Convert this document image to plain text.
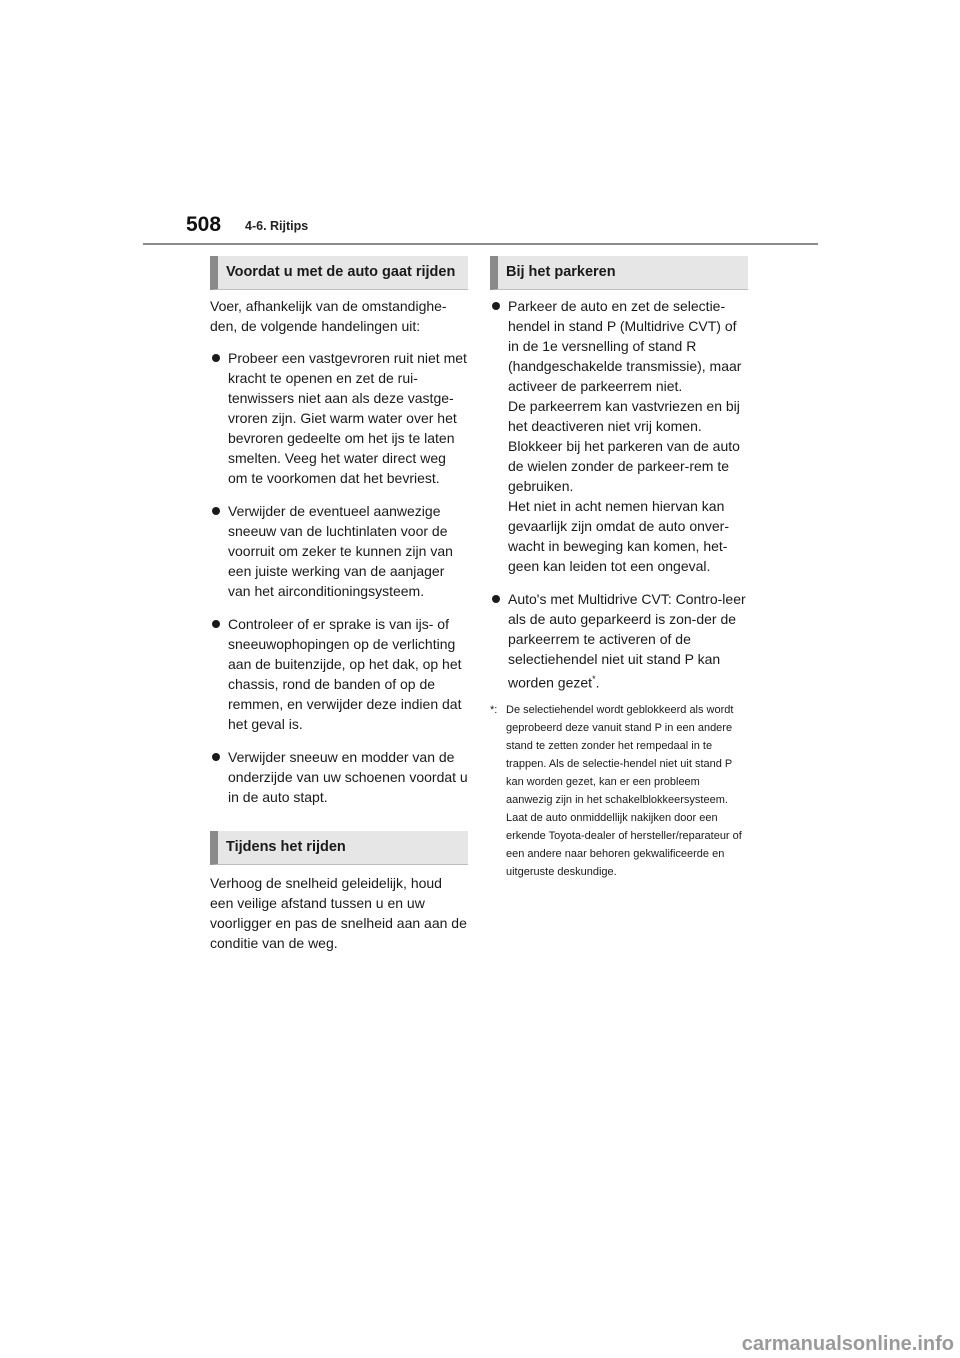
508 4-6. Rijtips
Voordat u met de auto gaat rijden

Voer, afhankelijk van de omstandighe-den, de volgende handelingen uit:

Probeer een vastgevroren ruit niet met kracht te openen en zet de rui-tenwissers niet aan als deze vastge-vroren zijn. Giet warm water over het bevroren gedeelte om het ijs te laten smelten. Veeg het water direct weg om te voorkomen dat het bevriest.
Verwijder de eventueel aanwezige sneeuw van de luchtinlaten voor de voorruit om zeker te kunnen zijn van een juiste werking van de aanjager van het airconditioningsysteem.
Controleer of er sprake is van ijs- of sneeuwophopingen op de verlichting aan de buitenzijde, op het dak, op het chassis, rond de banden of op de remmen, en verwijder deze indien dat het geval is.
Verwijder sneeuw en modder van de onderzijde van uw schoenen voordat u in de auto stapt.
Tijdens het rijden

Verhoog de snelheid geleidelijk, houd een veilige afstand tussen u en uw voorligger en pas de snelheid aan aan de conditie van de weg.

Bij het parkeren
Parkeer de auto en zet de selectie-hendel in stand P (Multidrive CVT) of in de 1e versnelling of stand R (handgeschakelde transmissie), maar activeer de parkeerrem niet.
De parkeerrem kan vastvriezen en bij het deactiveren niet vrij komen. Blokkeer bij het parkeren van de auto de wielen zonder de parkeer-rem te gebruiken.
Het niet in acht nemen hiervan kan gevaarlijk zijn omdat de auto onver-wacht in beweging kan komen, het-geen kan leiden tot een ongeval.
Auto's met Multidrive CVT: Contro-leer als de auto geparkeerd is zon-der de parkeerrem te activeren of de selectiehendel niet uit stand P kan worden gezet*.
*: De selectiehendel wordt geblokkeerd als wordt geprobeerd deze vanuit stand P in een andere stand te zetten zonder het rempedaal in te trappen. Als de selectie-hendel niet uit stand P kan worden gezet, kan er een probleem aanwezig zijn in het schakelblokkeersysteem. Laat de auto onmiddellijk nakijken door een erkende Toyota-dealer of hersteller/reparateur of een andere naar behoren gekwalificeerde en uitgeruste deskundige.
carmanualsonline.info
